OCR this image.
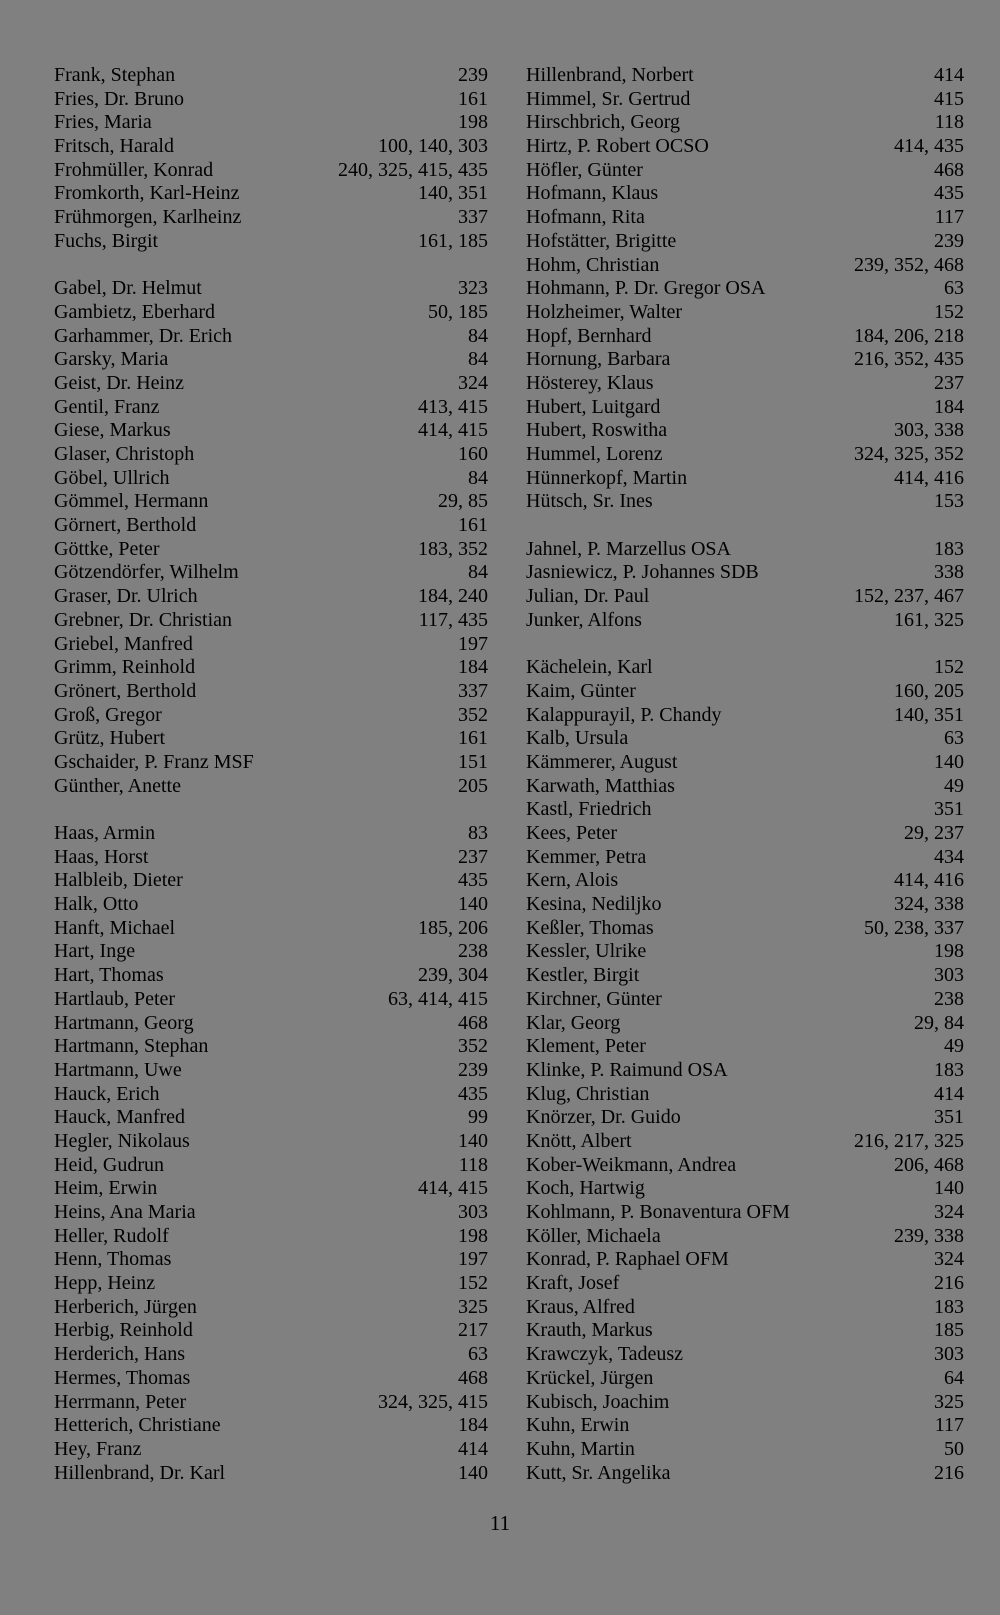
Frank, Stephan	239
Fries, Dr. Bruno	161
Fries, Maria	198
Fritsch, Harald	100, 140, 303
Frohmüller, Konrad	240, 325, 415, 435
Fromkorth, Karl-Heinz	140, 351
Frühmorgen, Karlheinz	337
Fuchs, Birgit	161, 185
Gabel, Dr. Helmut	323
Gambietz, Eberhard	50, 185
Garhammer, Dr. Erich	84
Garsky, Maria	84
Geist, Dr. Heinz	324
Gentil, Franz	413, 415
Giese, Markus	414, 415
Glaser, Christoph	160
Göbel, Ullrich	84
Gömmel, Hermann	29, 85
Görnert, Berthold	161
Göttke, Peter	183, 352
Götzendörfer, Wilhelm	84
Graser, Dr. Ulrich	184, 240
Grebner, Dr. Christian	117, 435
Griebel, Manfred	197
Grimm, Reinhold	184
Grönert, Berthold	337
Groß, Gregor	352
Grütz, Hubert	161
Gschaider, P. Franz MSF	151
Günther, Anette	205
Haas, Armin	83
Haas, Horst	237
Halbleib, Dieter	435
Halk, Otto	140
Hanft, Michael	185, 206
Hart, Inge	238
Hart, Thomas	239, 304
Hartlaub, Peter	63, 414, 415
Hartmann, Georg	468
Hartmann, Stephan	352
Hartmann, Uwe	239
Hauck, Erich	435
Hauck, Manfred	99
Hegler, Nikolaus	140
Heid, Gudrun	118
Heim, Erwin	414, 415
Heins, Ana Maria	303
Heller, Rudolf	198
Henn, Thomas	197
Hepp, Heinz	152
Herberich, Jürgen	325
Herbig, Reinhold	217
Herderich, Hans	63
Hermes, Thomas	468
Herrmann, Peter	324, 325, 415
Hetterich, Christiane	184
Hey, Franz	414
Hillenbrand, Dr. Karl	140
Hillenbrand, Norbert	414
Himmel, Sr. Gertrud	415
Hirschbrich, Georg	118
Hirtz, P. Robert OCSO	414, 435
Höfler, Günter	468
Hofmann, Klaus	435
Hofmann, Rita	117
Hofstätter, Brigitte	239
Hohm, Christian	239, 352, 468
Hohmann, P. Dr. Gregor OSA	63
Holzheimer, Walter	152
Hopf, Bernhard	184, 206, 218
Hornung, Barbara	216, 352, 435
Hösterey, Klaus	237
Hubert, Luitgard	184
Hubert, Roswitha	303, 338
Hummel, Lorenz	324, 325, 352
Hünnerkopf, Martin	414, 416
Hütsch, Sr. Ines	153
Jahnel, P. Marzellus OSA	183
Jasniewicz, P. Johannes SDB	338
Julian, Dr. Paul	152, 237, 467
Junker, Alfons	161, 325
Kächelein, Karl	152
Kaim, Günter	160, 205
Kalappurayil, P. Chandy	140, 351
Kalb, Ursula	63
Kämmerer, August	140
Karwath, Matthias	49
Kastl, Friedrich	351
Kees, Peter	29, 237
Kemmer, Petra	434
Kern, Alois	414, 416
Kesina, Nediljko	324, 338
Keßler, Thomas	50, 238, 337
Kessler, Ulrike	198
Kestler, Birgit	303
Kirchner, Günter	238
Klar, Georg	29, 84
Klement, Peter	49
Klinke, P. Raimund OSA	183
Klug, Christian	414
Knörzer, Dr. Guido	351
Knött, Albert	216, 217, 325
Kober-Weikmann, Andrea	206, 468
Koch, Hartwig	140
Kohlmann, P. Bonaventura OFM	324
Köller, Michaela	239, 338
Konrad, P. Raphael OFM	324
Kraft, Josef	216
Kraus, Alfred	183
Krauth, Markus	185
Krawczyk, Tadeusz	303
Krückel, Jürgen	64
Kubisch, Joachim	325
Kuhn, Erwin	117
Kuhn, Martin	50
Kutt, Sr. Angelika	216
11
